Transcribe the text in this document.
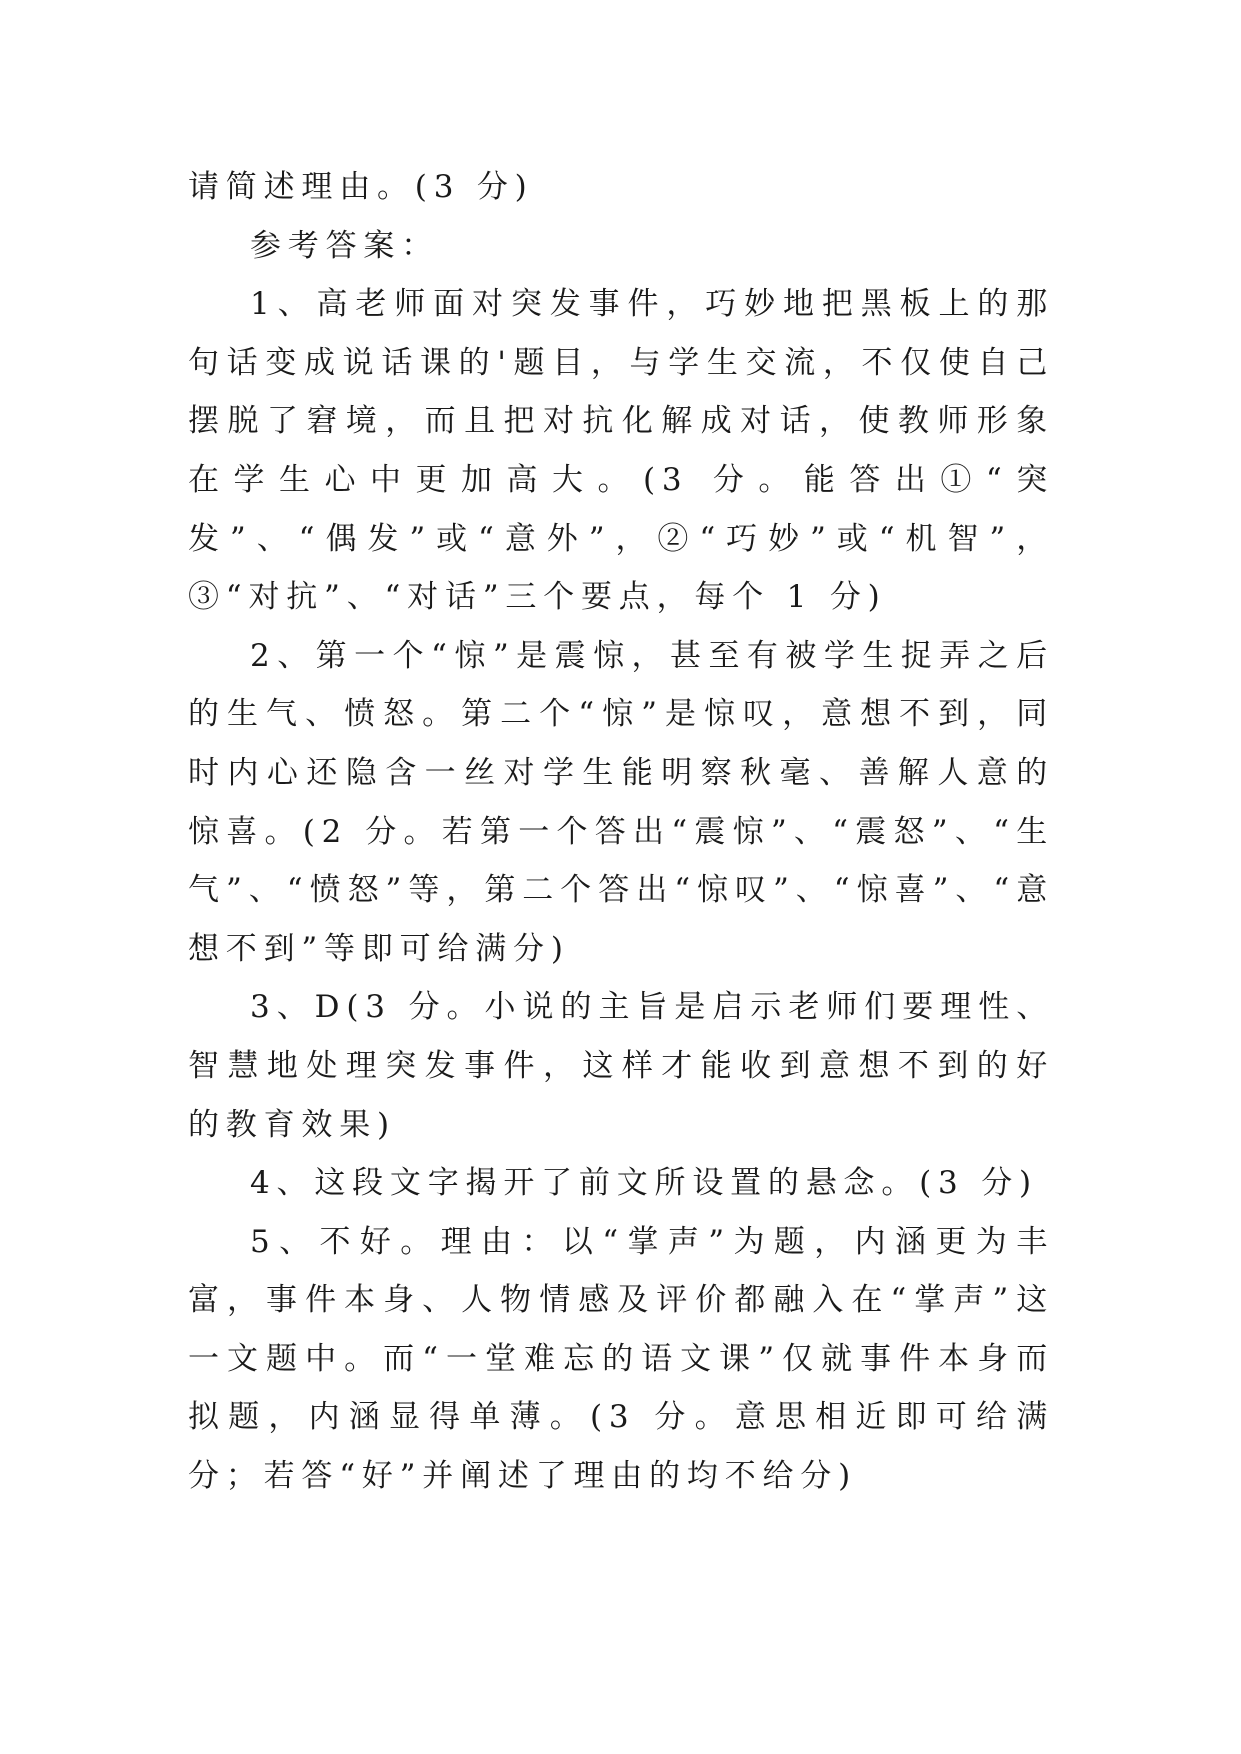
请简述理由。(3 分)

参考答案：

1、高老师面对突发事件，巧妙地把黑板上的那句话变成说话课的'题目，与学生交流，不仅使自己摆脱了窘境，而且把对抗化解成对话，使教师形象在学生心中更加高大。(3 分。能答出①“突发”、“偶发”或“意外”，②“巧妙”或“机智”，③“对抗”、“对话”三个要点，每个 1 分)

2、第一个“惊”是震惊，甚至有被学生捉弄之后的生气、愤怒。第二个“惊”是惊叹，意想不到，同时内心还隐含一丝对学生能明察秋毫、善解人意的惊喜。(2 分。若第一个答出“震惊”、“震怒”、“生气”、“愤怒”等，第二个答出“惊叹”、“惊喜”、“意想不到”等即可给满分)

3、D(3 分。小说的主旨是启示老师们要理性、智慧地处理突发事件，这样才能收到意想不到的好的教育效果)

4、这段文字揭开了前文所设置的悬念。(3 分)

5、不好。理由：以“掌声”为题，内涵更为丰富，事件本身、人物情感及评价都融入在“掌声”这一文题中。而“一堂难忘的语文课”仅就事件本身而拟题，内涵显得单薄。(3 分。意思相近即可给满分；若答“好”并阐述了理由的均不给分)
